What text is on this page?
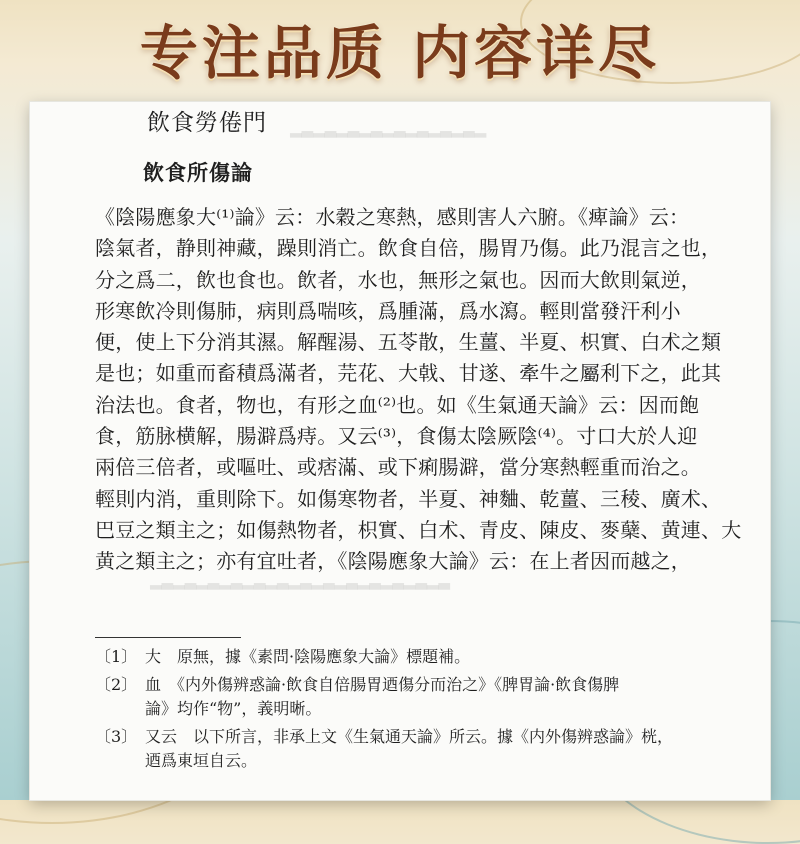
专注品质 内容详尽
▂▃▂▃▂▃▂▃▂▃▂▃▂▃▂▃▂
▂▃▂▃▂▃▂▃▂▃▂▃▂▃▂▃▂▃▂▃▂▃▂▃▂▃
飲食勞倦門
飲食所傷論
《陰陽應象大⁽¹⁾論》云：水穀之寒熱，感則害人六腑。《痺論》云：
陰氣者，静則神藏，躁則消亡。飲食自倍，腸胃乃傷。此乃混言之也，
分之爲二，飲也食也。飲者，水也，無形之氣也。因而大飲則氣逆，
形寒飲冷則傷肺，病則爲喘咳，爲腫滿，爲水瀉。輕則當發汗利小
便，使上下分消其濕。解醒湯、五苓散，生薑、半夏、枳實、白术之類
是也；如重而畜積爲滿者，芫花、大戟、甘遂、牽牛之屬利下之，此其
治法也。食者，物也，有形之血⁽²⁾也。如《生氣通天論》云：因而飽
食，筋脉横解，腸澼爲痔。又云⁽³⁾，食傷太陰厥陰⁽⁴⁾。寸口大於人迎
兩倍三倍者，或嘔吐、或痞滿、或下痢腸澼，當分寒熱輕重而治之。
輕則内消，重則除下。如傷寒物者，半夏、神麯、乾薑、三稜、廣术、
巴豆之類主之；如傷熱物者，枳實、白术、青皮、陳皮、麥蘖、黄連、大
黄之類主之；亦有宜吐者，《陰陽應象大論》云：在上者因而越之，
〔1〕 大　原無，據《素問·陰陽應象大論》標題補。
〔2〕 血　《内外傷辨惑論·飲食自倍腸胃迺傷分而治之》《脾胃論·飲食傷脾
論》均作“物”，義明晰。
〔3〕 又云　以下所言，非承上文《生氣通天論》所云。據《内外傷辨惑論》桄，
迺爲東垣自云。
